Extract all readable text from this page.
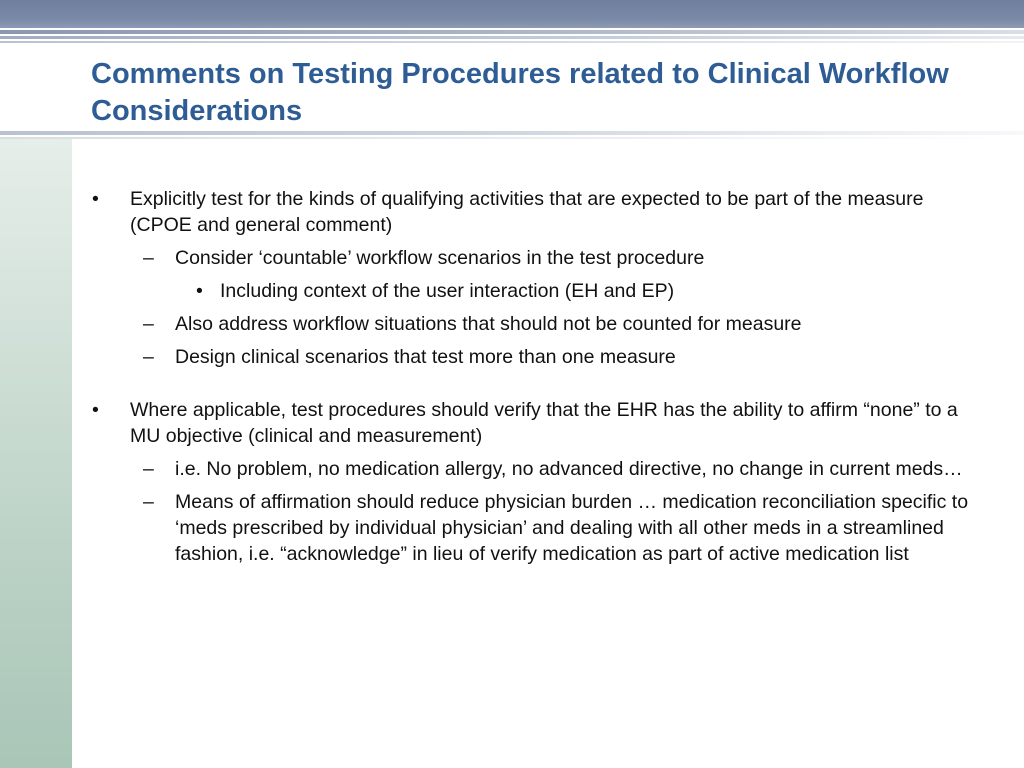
Comments on Testing Procedures related to Clinical Workflow Considerations

• Explicitly test for the kinds of qualifying activities that are expected to be part of the measure (CPOE and general comment)

– Consider ‘countable’ workflow scenarios in the test procedure

• Including context of the user interaction (EH and EP)

– Also address workflow situations that should not be counted for measure

– Design clinical scenarios that test more than one measure

• Where applicable, test procedures should verify that the EHR has the ability to affirm “none” to a MU objective (clinical and measurement)

– i.e. No problem, no medication allergy, no advanced directive, no change in current meds…

– Means of affirmation should reduce physician burden … medication reconciliation specific to ‘meds prescribed by individual physician’ and dealing with all other meds in a streamlined fashion, i.e. “acknowledge” in lieu of verify medication as part of active medication list
